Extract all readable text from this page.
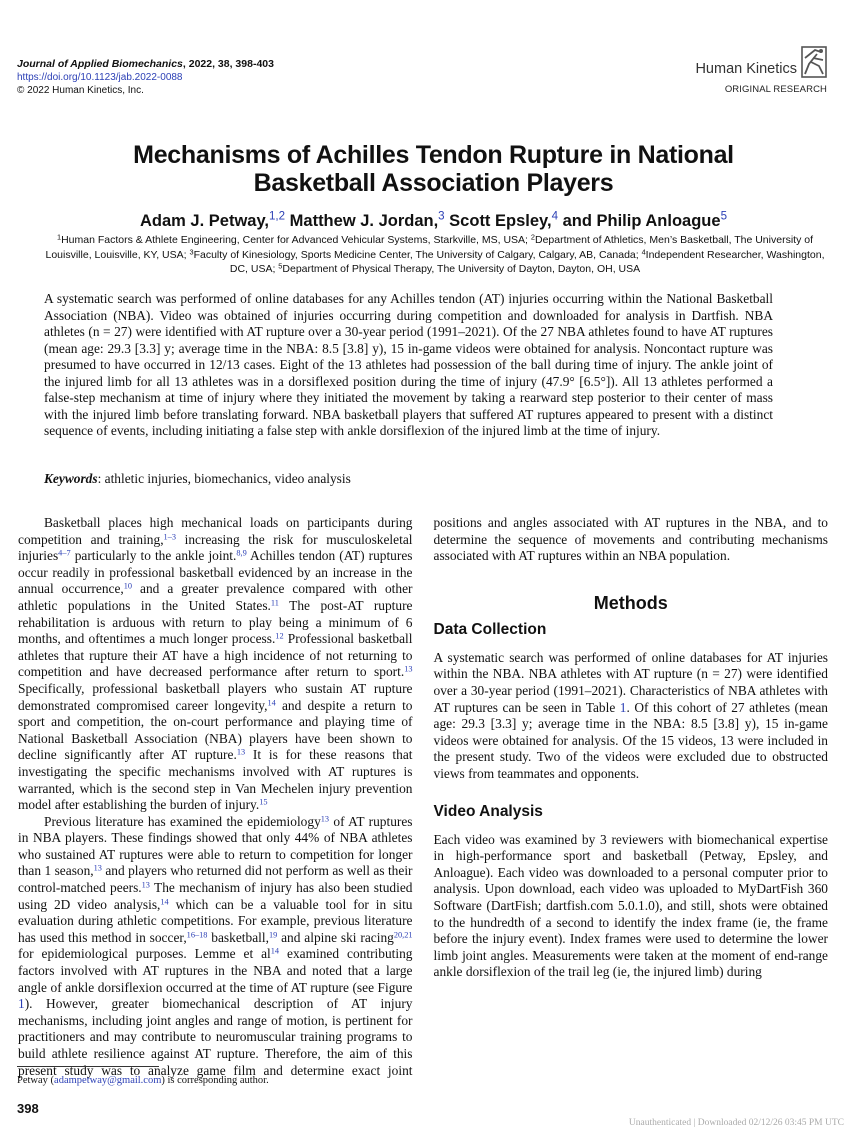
Journal of Applied Biomechanics, 2022, 38, 398-403
https://doi.org/10.1123/jab.2022-0088
© 2022 Human Kinetics, Inc.
Human Kinetics
ORIGINAL RESEARCH
Mechanisms of Achilles Tendon Rupture in National
Basketball Association Players
Adam J. Petway,$^{1,2}$ Matthew J. Jordan,$^3$ Scott Epsley,$^4$ and Philip Anloague$^5$
$^1$Human Factors & Athlete Engineering, Center for Advanced Vehicular Systems, Starkville, MS, USA; $^2$Department of Athletics, Men’s Basketball, The University of Louisville, Louisville, KY, USA; $^3$Faculty of Kinesiology, Sports Medicine Center, The University of Calgary, Calgary, AB, Canada; $^4$Independent Researcher, Washington, DC, USA; $^5$Department of Physical Therapy, The University of Dayton, Dayton, OH, USA
A systematic search was performed of online databases for any Achilles tendon (AT) injuries occurring within the National Basketball Association (NBA). Video was obtained of injuries occurring during competition and downloaded for analysis in Dartfish. NBA athletes (n = 27) were identified with AT rupture over a 30-year period (1991–2021). Of the 27 NBA athletes found to have AT ruptures (mean age: 29.3 [3.3] y; average time in the NBA: 8.5 [3.8] y), 15 in-game videos were obtained for analysis. Noncontact rupture was presumed to have occurred in 12/13 cases. Eight of the 13 athletes had possession of the ball during time of injury. The ankle joint of the injured limb for all 13 athletes was in a dorsiflexed position during the time of injury (47.9° [6.5°]). All 13 athletes performed a false-step mechanism at time of injury where they initiated the movement by taking a rearward step posterior to their center of mass with the injured limb before translating forward. NBA basketball players that suffered AT ruptures appeared to present with a distinct sequence of events, including initiating a false step with ankle dorsiflexion of the injured limb at the time of injury.
Keywords: athletic injuries, biomechanics, video analysis

Basketball places high mechanical loads on participants during competition and training,$^{1-3}$ increasing the risk for musculoskeletal injuries$^{4-7}$ particularly to the ankle joint.$^{8,9}$ Achilles tendon (AT) ruptures occur readily in professional basketball evidenced by an increase in the annual occurrence,$^{10}$ and a greater prevalence compared with other athletic populations in the United States.$^{11}$ The post-AT rupture rehabilitation is arduous with return to play being a minimum of 6 months, and oftentimes a much longer process.$^{12}$ Professional basketball athletes that rupture their AT have a high incidence of not returning to competition and have decreased performance after return to sport.$^{13}$ Specifically, professional basketball players who sustain AT rupture demonstrated compromised career longevity,$^{14}$ and despite a return to sport and competition, the on-court performance and playing time of National Basketball Association (NBA) players have been shown to decline significantly after AT rupture.$^{13}$ It is for these reasons that investigating the specific mechanisms involved with AT ruptures is warranted, which is the second step in Van Mechelen injury prevention model after establishing the burden of injury.$^{15}$

Previous literature has examined the epidemiology$^{13}$ of AT ruptures in NBA players. These findings showed that only 44% of NBA athletes who sustained AT ruptures were able to return to competition for longer than 1 season,$^{13}$ and players who returned did not perform as well as their control-matched peers.$^{13}$ The mechanism of injury has also been studied using 2D video analysis,$^{14}$ which can be a valuable tool for in situ evaluation during athletic competitions. For example, previous literature has used this method in soccer,$^{16-18}$ basketball,$^{19}$ and alpine ski racing$^{20,21}$ for epidemiological purposes. Lemme et al$^{14}$ examined contributing factors involved with AT ruptures in the NBA and noted that a large angle of ankle dorsiflexion occurred at the time of AT rupture (see Figure 1). However, greater biomechanical description of AT injury mechanisms, including joint angles and range of motion, is pertinent for practitioners and may contribute to neuromuscular training programs to build athlete resilience against AT rupture. Therefore, the aim of this present study was to analyze game film and determine exact joint positions and angles associated with AT ruptures in the NBA, and to determine the sequence of movements and contributing mechanisms associated with AT ruptures within an NBA population.

Methods
Data Collection

A systematic search was performed of online databases for AT injuries within the NBA. NBA athletes with AT rupture (n = 27) were identified over a 30-year period (1991–2021). Characteristics of NBA athletes with AT ruptures can be seen in Table 1. Of this cohort of 27 athletes (mean age: 29.3 [3.3] y; average time in the NBA: 8.5 [3.8] y), 15 in-game videos were obtained for analysis. Of the 15 videos, 13 were included in the present study. Two of the videos were excluded due to obstructed views from teammates and opponents.

Video Analysis

Each video was examined by 3 reviewers with biomechanical expertise in high-performance sport and basketball (Petway, Epsley, and Anloague). Each video was downloaded to a personal computer prior to analysis. Upon download, each video was uploaded to MyDartFish 360 Software (DartFish; dartfish.com 5.0.1.0), and still, shots were obtained to the hundredth of a second to identify the index frame (ie, the frame before the injury event). Index frames were used to determine the lower limb joint angles. Measurements were taken at the moment of end-range ankle dorsiflexion of the trail leg (ie, the injured limb) during

Petway (adampetway@gmail.com) is corresponding author.
398
Unauthenticated | Downloaded 02/12/26 03:45 PM UTC
